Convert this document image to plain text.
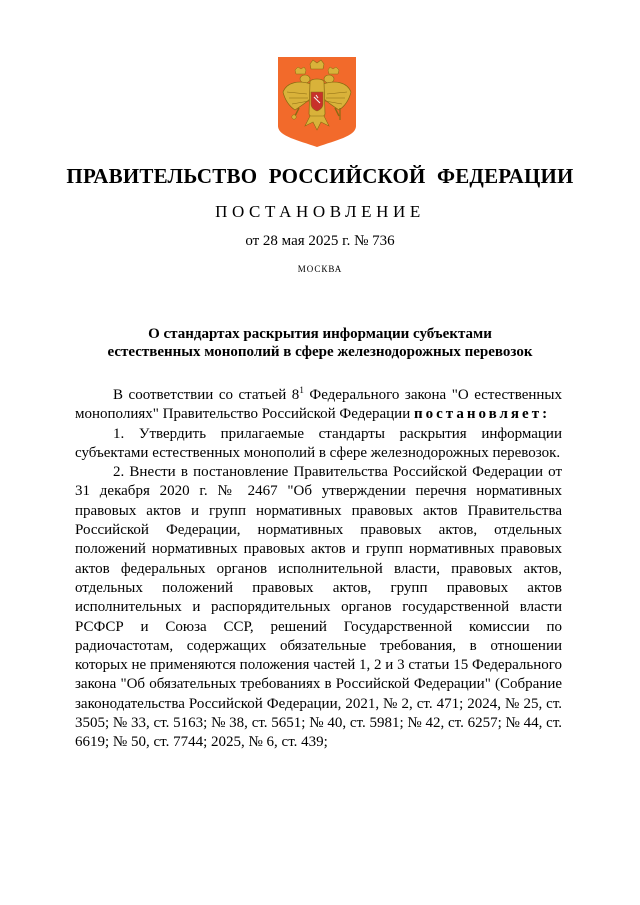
ПРАВИТЕЛЬСТВО РОССИЙСКОЙ ФЕДЕРАЦИИ
ПОСТАНОВЛЕНИЕ
от 28 мая 2025 г. № 736
МОСКВА
О стандартах раскрытия информации субъектами
естественных монополий в сфере железнодорожных перевозок

В соответствии со статьей $8^1$ Федерального закона "О естественных монополиях" Правительство Российской Федерации постановляет:

1. Утвердить прилагаемые стандарты раскрытия информации субъектами естественных монополий в сфере железнодорожных перевозок.

2. Внести в постановление Правительства Российской Федерации от 31 декабря 2020 г. № 2467 "Об утверждении перечня нормативных правовых актов и групп нормативных правовых актов Правительства Российской Федерации, нормативных правовых актов, отдельных положений нормативных правовых актов и групп нормативных правовых актов федеральных органов исполнительной власти, правовых актов, отдельных положений правовых актов, групп правовых актов исполнительных и распорядительных органов государственной власти РСФСР и Союза ССР, решений Государственной комиссии по радиочастотам, содержащих обязательные требования, в отношении которых не применяются положения частей 1, 2 и 3 статьи 15 Федерального закона "Об обязательных требованиях в Российской Федерации" (Собрание законодательства Российской Федерации, 2021, № 2, ст. 471; 2024, № 25, ст. 3505; № 33, ст. 5163; № 38, ст. 5651; № 40, ст. 5981; № 42, ст. 6257; № 44, ст. 6619; № 50, ст. 7744; 2025, № 6, ст. 439;
